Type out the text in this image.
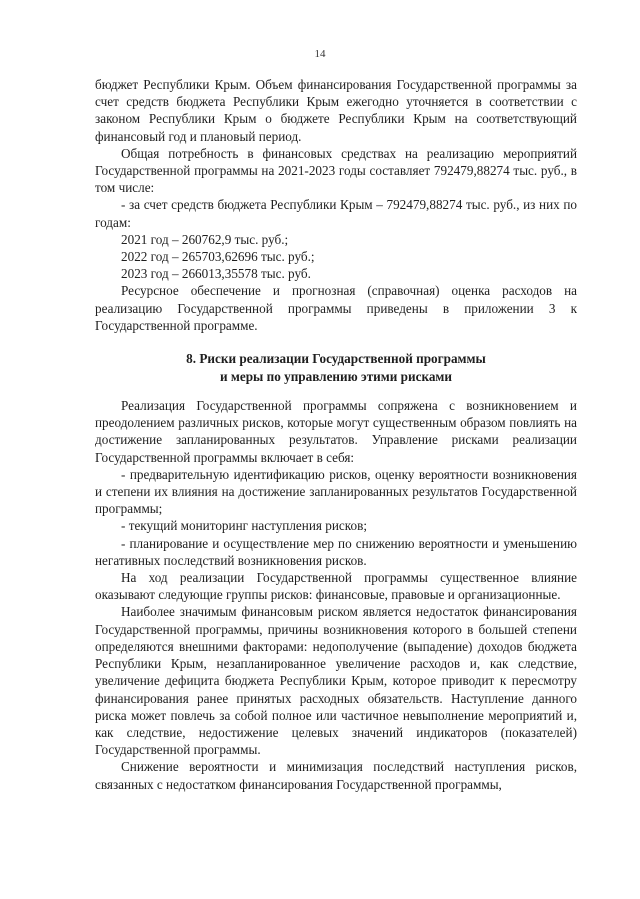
14

бюджет Республики Крым. Объем финансирования Государственной программы за счет средств бюджета Республики Крым ежегодно уточняется в соответствии с законом Республики Крым о бюджете Республики Крым на соответствующий финансовый год и плановый период.

Общая потребность в финансовых средствах на реализацию мероприятий Государственной программы на 2021-2023 годы составляет 792479,88274 тыс. руб., в том числе:

- за счет средств бюджета Республики Крым – 792479,88274 тыс. руб., из них по годам:

2021 год – 260762,9 тыс. руб.;

2022 год – 265703,62696 тыс. руб.;

2023 год – 266013,35578 тыс. руб.

Ресурсное обеспечение и прогнозная (справочная) оценка расходов на реализацию Государственной программы приведены в приложении 3 к Государственной программе.

8. Риски реализации Государственной программы
и меры по управлению этими рисками

Реализация Государственной программы сопряжена с возникновением и преодолением различных рисков, которые могут существенным образом повлиять на достижение запланированных результатов. Управление рисками реализации Государственной программы включает в себя:

- предварительную идентификацию рисков, оценку вероятности возникновения и степени их влияния на достижение запланированных результатов Государственной программы;

- текущий мониторинг наступления рисков;

- планирование и осуществление мер по снижению вероятности и уменьшению негативных последствий возникновения рисков.

На ход реализации Государственной программы существенное влияние оказывают следующие группы рисков: финансовые, правовые и организационные.

Наиболее значимым финансовым риском является недостаток финансирования Государственной программы, причины возникновения которого в большей степени определяются внешними факторами: недополучение (выпадение) доходов бюджета Республики Крым, незапланированное увеличение расходов и, как следствие, увеличение дефицита бюджета Республики Крым, которое приводит к пересмотру финансирования ранее принятых расходных обязательств. Наступление данного риска может повлечь за собой полное или частичное невыполнение мероприятий и, как следствие, недостижение целевых значений индикаторов (показателей) Государственной программы.

Снижение вероятности и минимизация последствий наступления рисков, связанных с недостатком финансирования Государственной программы,
